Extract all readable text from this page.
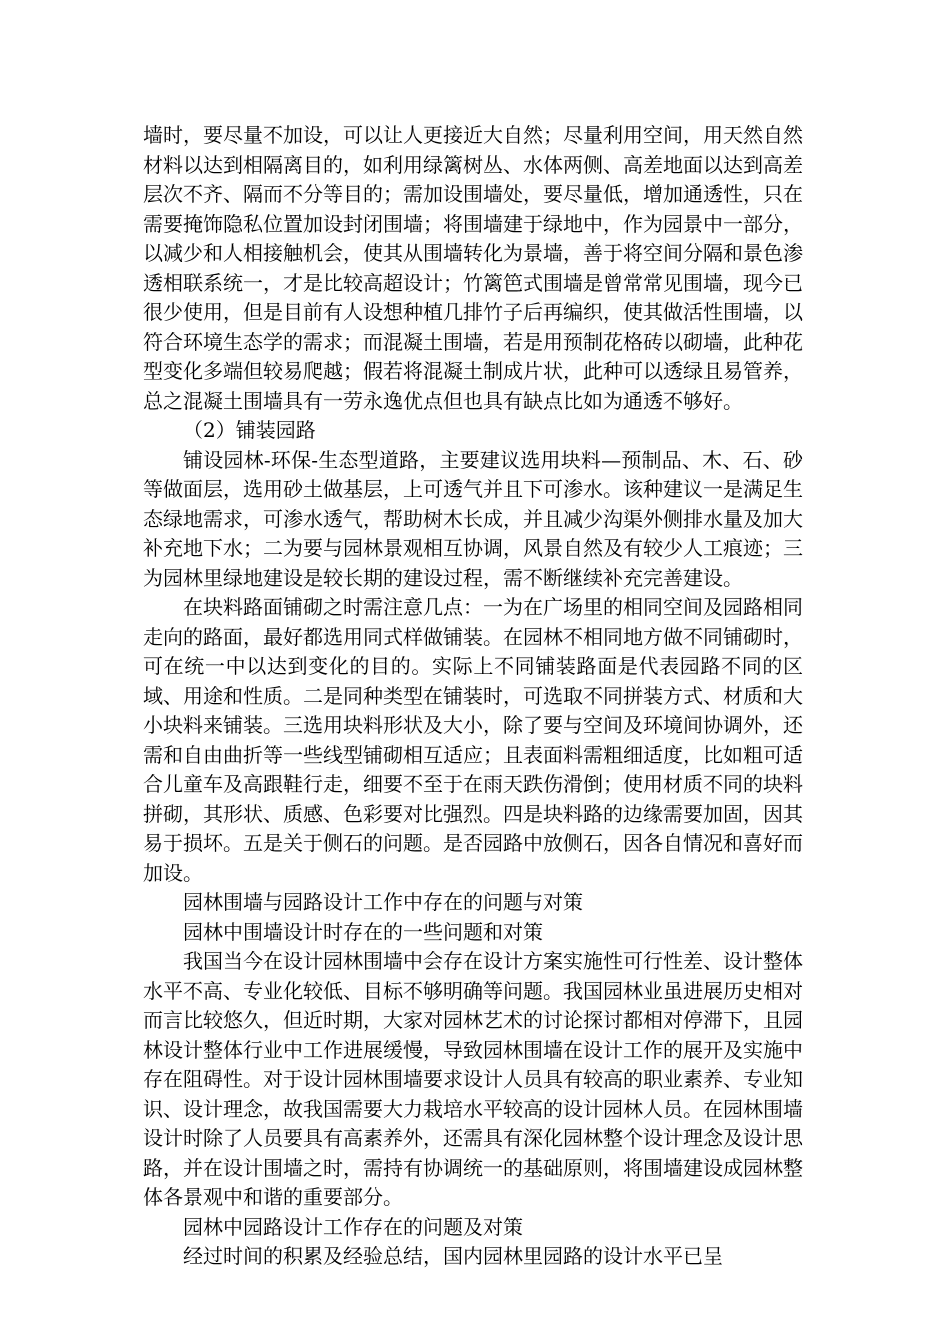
墙时，要尽量不加设，可以让人更接近大自然；尽量利用空间，用天然自然材料以达到相隔离目的，如利用绿篱树丛、水体两侧、高差地面以达到高差层次不齐、隔而不分等目的；需加设围墙处，要尽量低，增加通透性，只在需要掩饰隐私位置加设封闭围墙；将围墙建于绿地中，作为园景中一部分，以减少和人相接触机会，使其从围墙转化为景墙，善于将空间分隔和景色渗透相联系统一，才是比较高超设计；竹篱笆式围墙是曾常常见围墙，现今已很少使用，但是目前有人设想种植几排竹子后再编织，使其做活性围墙，以符合环境生态学的需求；而混凝土围墙，若是用预制花格砖以砌墙，此种花型变化多端但较易爬越；假若将混凝土制成片状，此种可以透绿且易管养，总之混凝土围墙具有一劳永逸优点但也具有缺点比如为通透不够好。

（2）铺装园路

铺设园林-环保-生态型道路，主要建议选用块料—预制品、木、石、砂等做面层，选用砂土做基层，上可透气并且下可渗水。该种建议一是满足生态绿地需求，可渗水透气，帮助树木长成，并且减少沟渠外侧排水量及加大补充地下水；二为要与园林景观相互协调，风景自然及有较少人工痕迹；三为园林里绿地建设是较长期的建设过程，需不断继续补充完善建设。

在块料路面铺砌之时需注意几点：一为在广场里的相同空间及园路相同走向的路面，最好都选用同式样做铺装。在园林不相同地方做不同铺砌时，可在统一中以达到变化的目的。实际上不同铺装路面是代表园路不同的区域、用途和性质。二是同种类型在铺装时，可选取不同拼装方式、材质和大小块料来铺装。三选用块料形状及大小，除了要与空间及环境间协调外，还需和自由曲折等一些线型铺砌相互适应；且表面料需粗细适度，比如粗可适合儿童车及高跟鞋行走，细要不至于在雨天跌伤滑倒；使用材质不同的块料拼砌，其形状、质感、色彩要对比强烈。四是块料路的边缘需要加固，因其易于损坏。五是关于侧石的问题。是否园路中放侧石，因各自情况和喜好而加设。

园林围墙与园路设计工作中存在的问题与对策

园林中围墙设计时存在的一些问题和对策

我国当今在设计园林围墙中会存在设计方案实施性可行性差、设计整体水平不高、专业化较低、目标不够明确等问题。我国园林业虽进展历史相对而言比较悠久，但近时期，大家对园林艺术的讨论探讨都相对停滞下，且园林设计整体行业中工作进展缓慢，导致园林围墙在设计工作的展开及实施中存在阻碍性。对于设计园林围墙要求设计人员具有较高的职业素养、专业知识、设计理念，故我国需要大力栽培水平较高的设计园林人员。在园林围墙设计时除了人员要具有高素养外，还需具有深化园林整个设计理念及设计思路，并在设计围墙之时，需持有协调统一的基础原则，将围墙建设成园林整体各景观中和谐的重要部分。

园林中园路设计工作存在的问题及对策

经过时间的积累及经验总结，国内园林里园路的设计水平已呈
